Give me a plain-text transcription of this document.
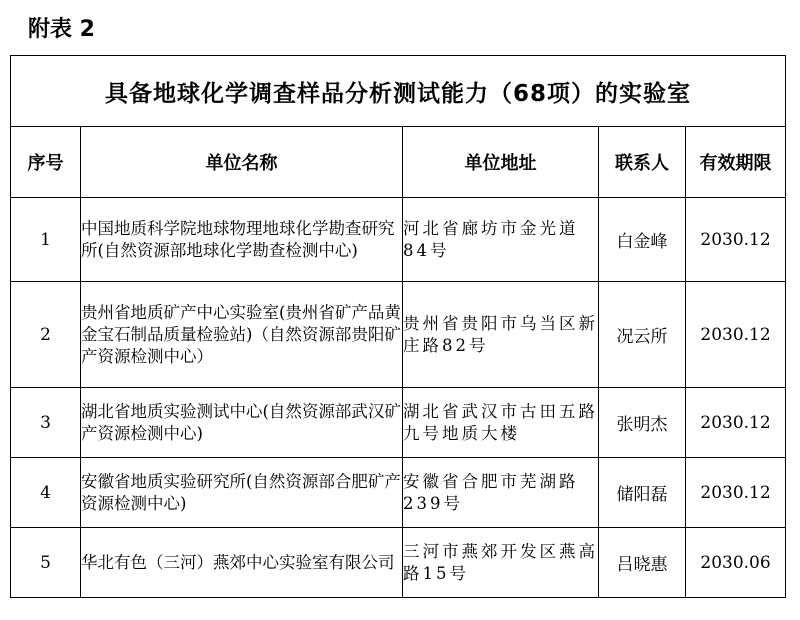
附表 2
具备地球化学调查样品分析测试能力（68项）的实验室				
序号	单位名称	单位地址	联系人	有效期限
1	中国地质科学院地球物理地球化学勘查研究所(自然资源部地球化学勘查检测中心)	河北省廊坊市金光道84号	白金峰	2030.12
2	贵州省地质矿产中心实验室(贵州省矿产品黄金宝石制品质量检验站)（自然资源部贵阳矿产资源检测中心）	贵州省贵阳市乌当区新庄路82号	况云所	2030.12
3	湖北省地质实验测试中心(自然资源部武汉矿产资源检测中心)	湖北省武汉市古田五路九号地质大楼	张明杰	2030.12
4	安徽省地质实验研究所(自然资源部合肥矿产资源检测中心)	安徽省合肥市芜湖路239号	储阳磊	2030.12
5	华北有色（三河）燕郊中心实验室有限公司	三河市燕郊开发区燕高路15号	吕晓惠	2030.06
